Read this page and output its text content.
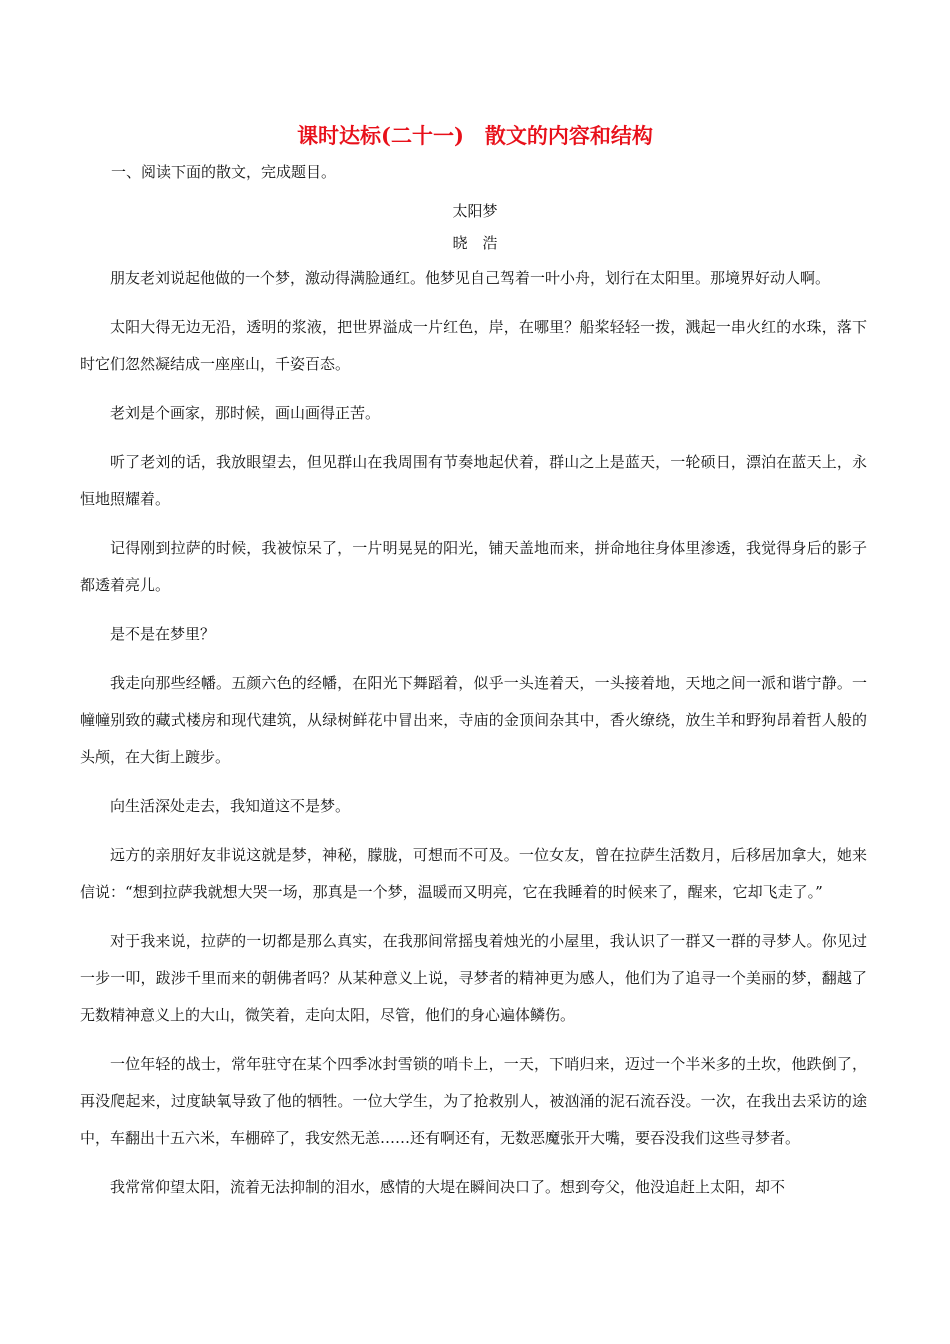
课时达标(二十一)　散文的内容和结构

一、阅读下面的散文，完成题目。

太阳梦

晓　浩

朋友老刘说起他做的一个梦，激动得满脸通红。他梦见自己驾着一叶小舟，划行在太阳里。那境界好动人啊。

太阳大得无边无沿，透明的浆液，把世界溢成一片红色，岸，在哪里？船桨轻轻一拨，溅起一串火红的水珠，落下时它们忽然凝结成一座座山，千姿百态。

老刘是个画家，那时候，画山画得正苦。

听了老刘的话，我放眼望去，但见群山在我周围有节奏地起伏着，群山之上是蓝天，一轮硕日，漂泊在蓝天上，永恒地照耀着。

记得刚到拉萨的时候，我被惊呆了，一片明晃晃的阳光，铺天盖地而来，拼命地往身体里渗透，我觉得身后的影子都透着亮儿。

是不是在梦里？

我走向那些经幡。五颜六色的经幡，在阳光下舞蹈着，似乎一头连着天，一头接着地，天地之间一派和谐宁静。一幢幢别致的藏式楼房和现代建筑，从绿树鲜花中冒出来，寺庙的金顶间杂其中，香火缭绕，放生羊和野狗昂着哲人般的头颅，在大街上踱步。

向生活深处走去，我知道这不是梦。

远方的亲朋好友非说这就是梦，神秘，朦胧，可想而不可及。一位女友，曾在拉萨生活数月，后移居加拿大，她来信说：“想到拉萨我就想大哭一场，那真是一个梦，温暖而又明亮，它在我睡着的时候来了，醒来，它却飞走了。”

对于我来说，拉萨的一切都是那么真实，在我那间常摇曳着烛光的小屋里，我认识了一群又一群的寻梦人。你见过一步一叩，跋涉千里而来的朝佛者吗？从某种意义上说，寻梦者的精神更为感人，他们为了追寻一个美丽的梦，翻越了无数精神意义上的大山，微笑着，走向太阳，尽管，他们的身心遍体鳞伤。

一位年轻的战士，常年驻守在某个四季冰封雪锁的哨卡上，一天，下哨归来，迈过一个半米多的土坎，他跌倒了，再没爬起来，过度缺氧导致了他的牺牲。一位大学生，为了抢救别人，被汹涌的泥石流吞没。一次，在我出去采访的途中，车翻出十五六米，车棚碎了，我安然无恙……还有啊还有，无数恶魔张开大嘴，要吞没我们这些寻梦者。

我常常仰望太阳，流着无法抑制的泪水，感情的大堤在瞬间决口了。想到夸父，他没追赶上太阳，却不
